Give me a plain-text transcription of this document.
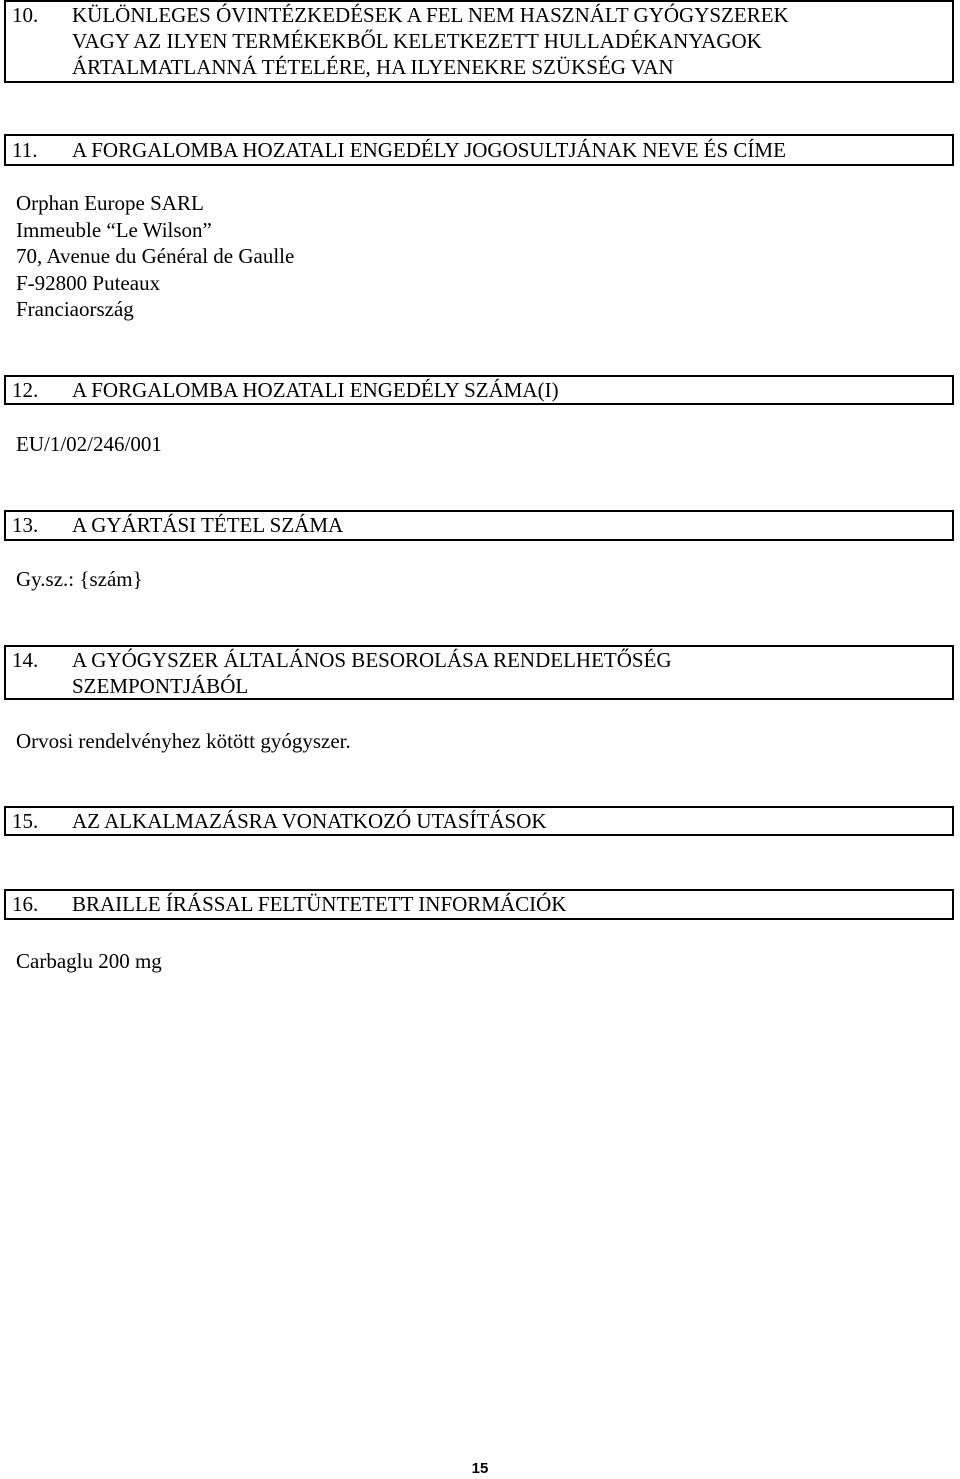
10. KÜLÖNLEGES ÓVINTÉZKEDÉSEK A FEL NEM HASZNÁLT GYÓGYSZEREK
VAGY AZ ILYEN TERMÉKEKBŐL KELETKEZETT HULLADÉKANYAGOK
ÁRTALMATLANNÁ TÉTELÉRE, HA ILYENEKRE SZÜKSÉG VAN
11. A FORGALOMBA HOZATALI ENGEDÉLY JOGOSULTJÁNAK NEVE ÉS CÍME
Orphan Europe SARL
Immeuble “Le Wilson”
70, Avenue du Général de Gaulle
F-92800 Puteaux
Franciaország
12. A FORGALOMBA HOZATALI ENGEDÉLY SZÁMA(I)
EU/1/02/246/001
13. A GYÁRTÁSI TÉTEL SZÁMA
Gy.sz.: {szám}
14. A GYÓGYSZER ÁLTALÁNOS BESOROLÁSA RENDELHETŐSÉG
SZEMPONTJÁBÓL
Orvosi rendelvényhez kötött gyógyszer.
15. AZ ALKALMAZÁSRA VONATKOZÓ UTASÍTÁSOK
16. BRAILLE ÍRÁSSAL FELTÜNTETETT INFORMÁCIÓK
Carbaglu 200 mg
15
